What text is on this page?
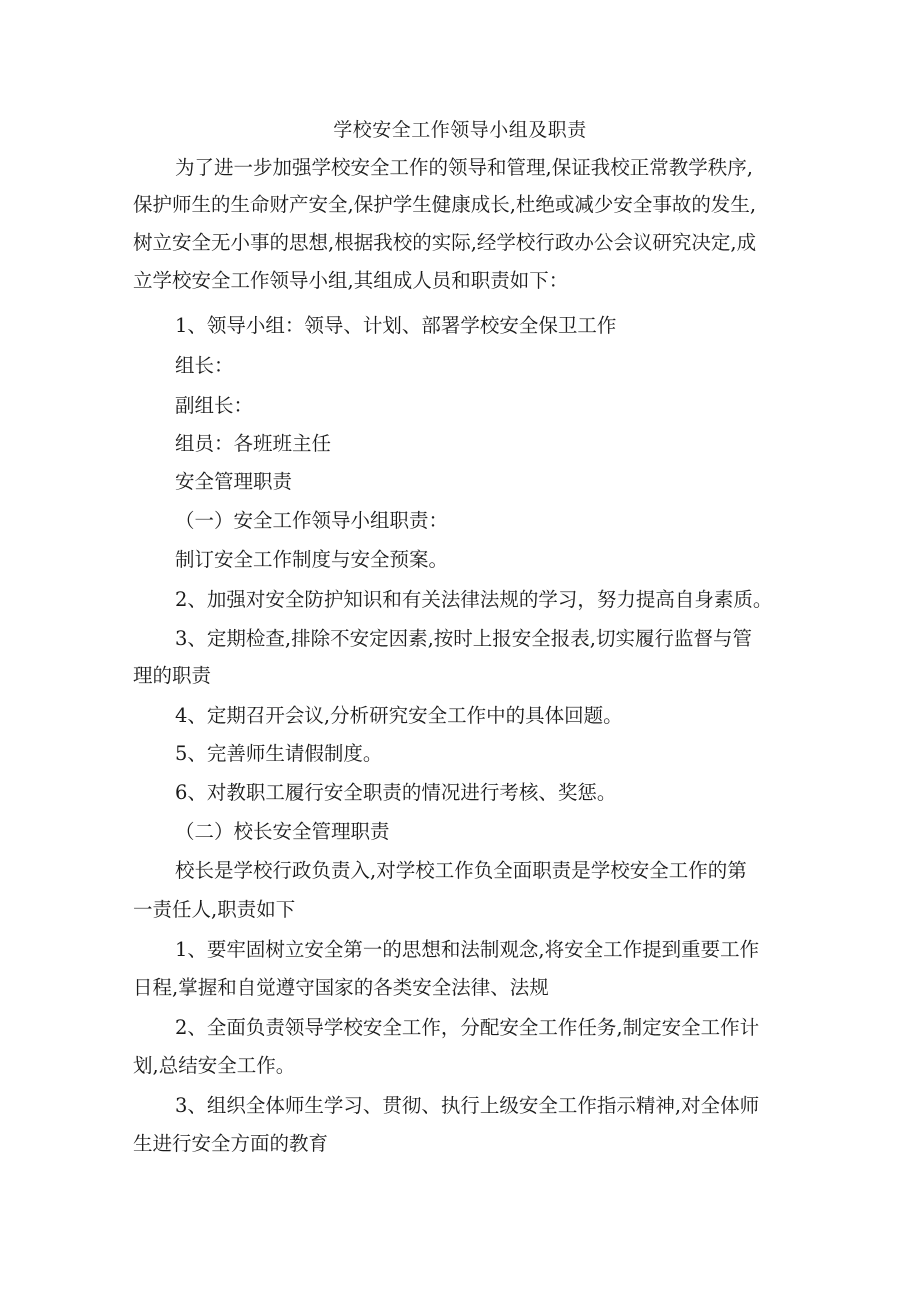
学校安全工作领导小组及职责
为了进一步加强学校安全工作的领导和管理,保证我校正常教学秩序,
保护师生的生命财产安全,保护学生健康成长,杜绝或减少安全事故的发生,
树立安全无小事的思想,根据我校的实际,经学校行政办公会议研究决定,成
立学校安全工作领导小组,其组成人员和职责如下：
1、领导小组：领导、计划、部署学校安全保卫工作
组长：
副组长：
组员：各班班主任
安全管理职责
（一）安全工作领导小组职责：
制订安全工作制度与安全预案。
2、加强对安全防护知识和有关法律法规的学习，努力提高自身素质。
3、定期检查,排除不安定因素,按时上报安全报表,切实履行监督与管
理的职责
4、定期召开会议,分析研究安全工作中的具体回题。
5、完善师生请假制度。
6、对教职工履行安全职责的情况进行考核、奖惩。
（二）校长安全管理职责
校长是学校行政负责入,对学校工作负全面职责是学校安全工作的第
一责任人,职责如下
1、要牢固树立安全第一的思想和法制观念,将安全工作提到重要工作
日程,掌握和自觉遵守国家的各类安全法律、法规
2、全面负责领导学校安全工作，分配安全工作任务,制定安全工作计
划,总结安全工作。
3、组织全体师生学习、贯彻、执行上级安全工作指示精神,对全体师
生进行安全方面的教育
